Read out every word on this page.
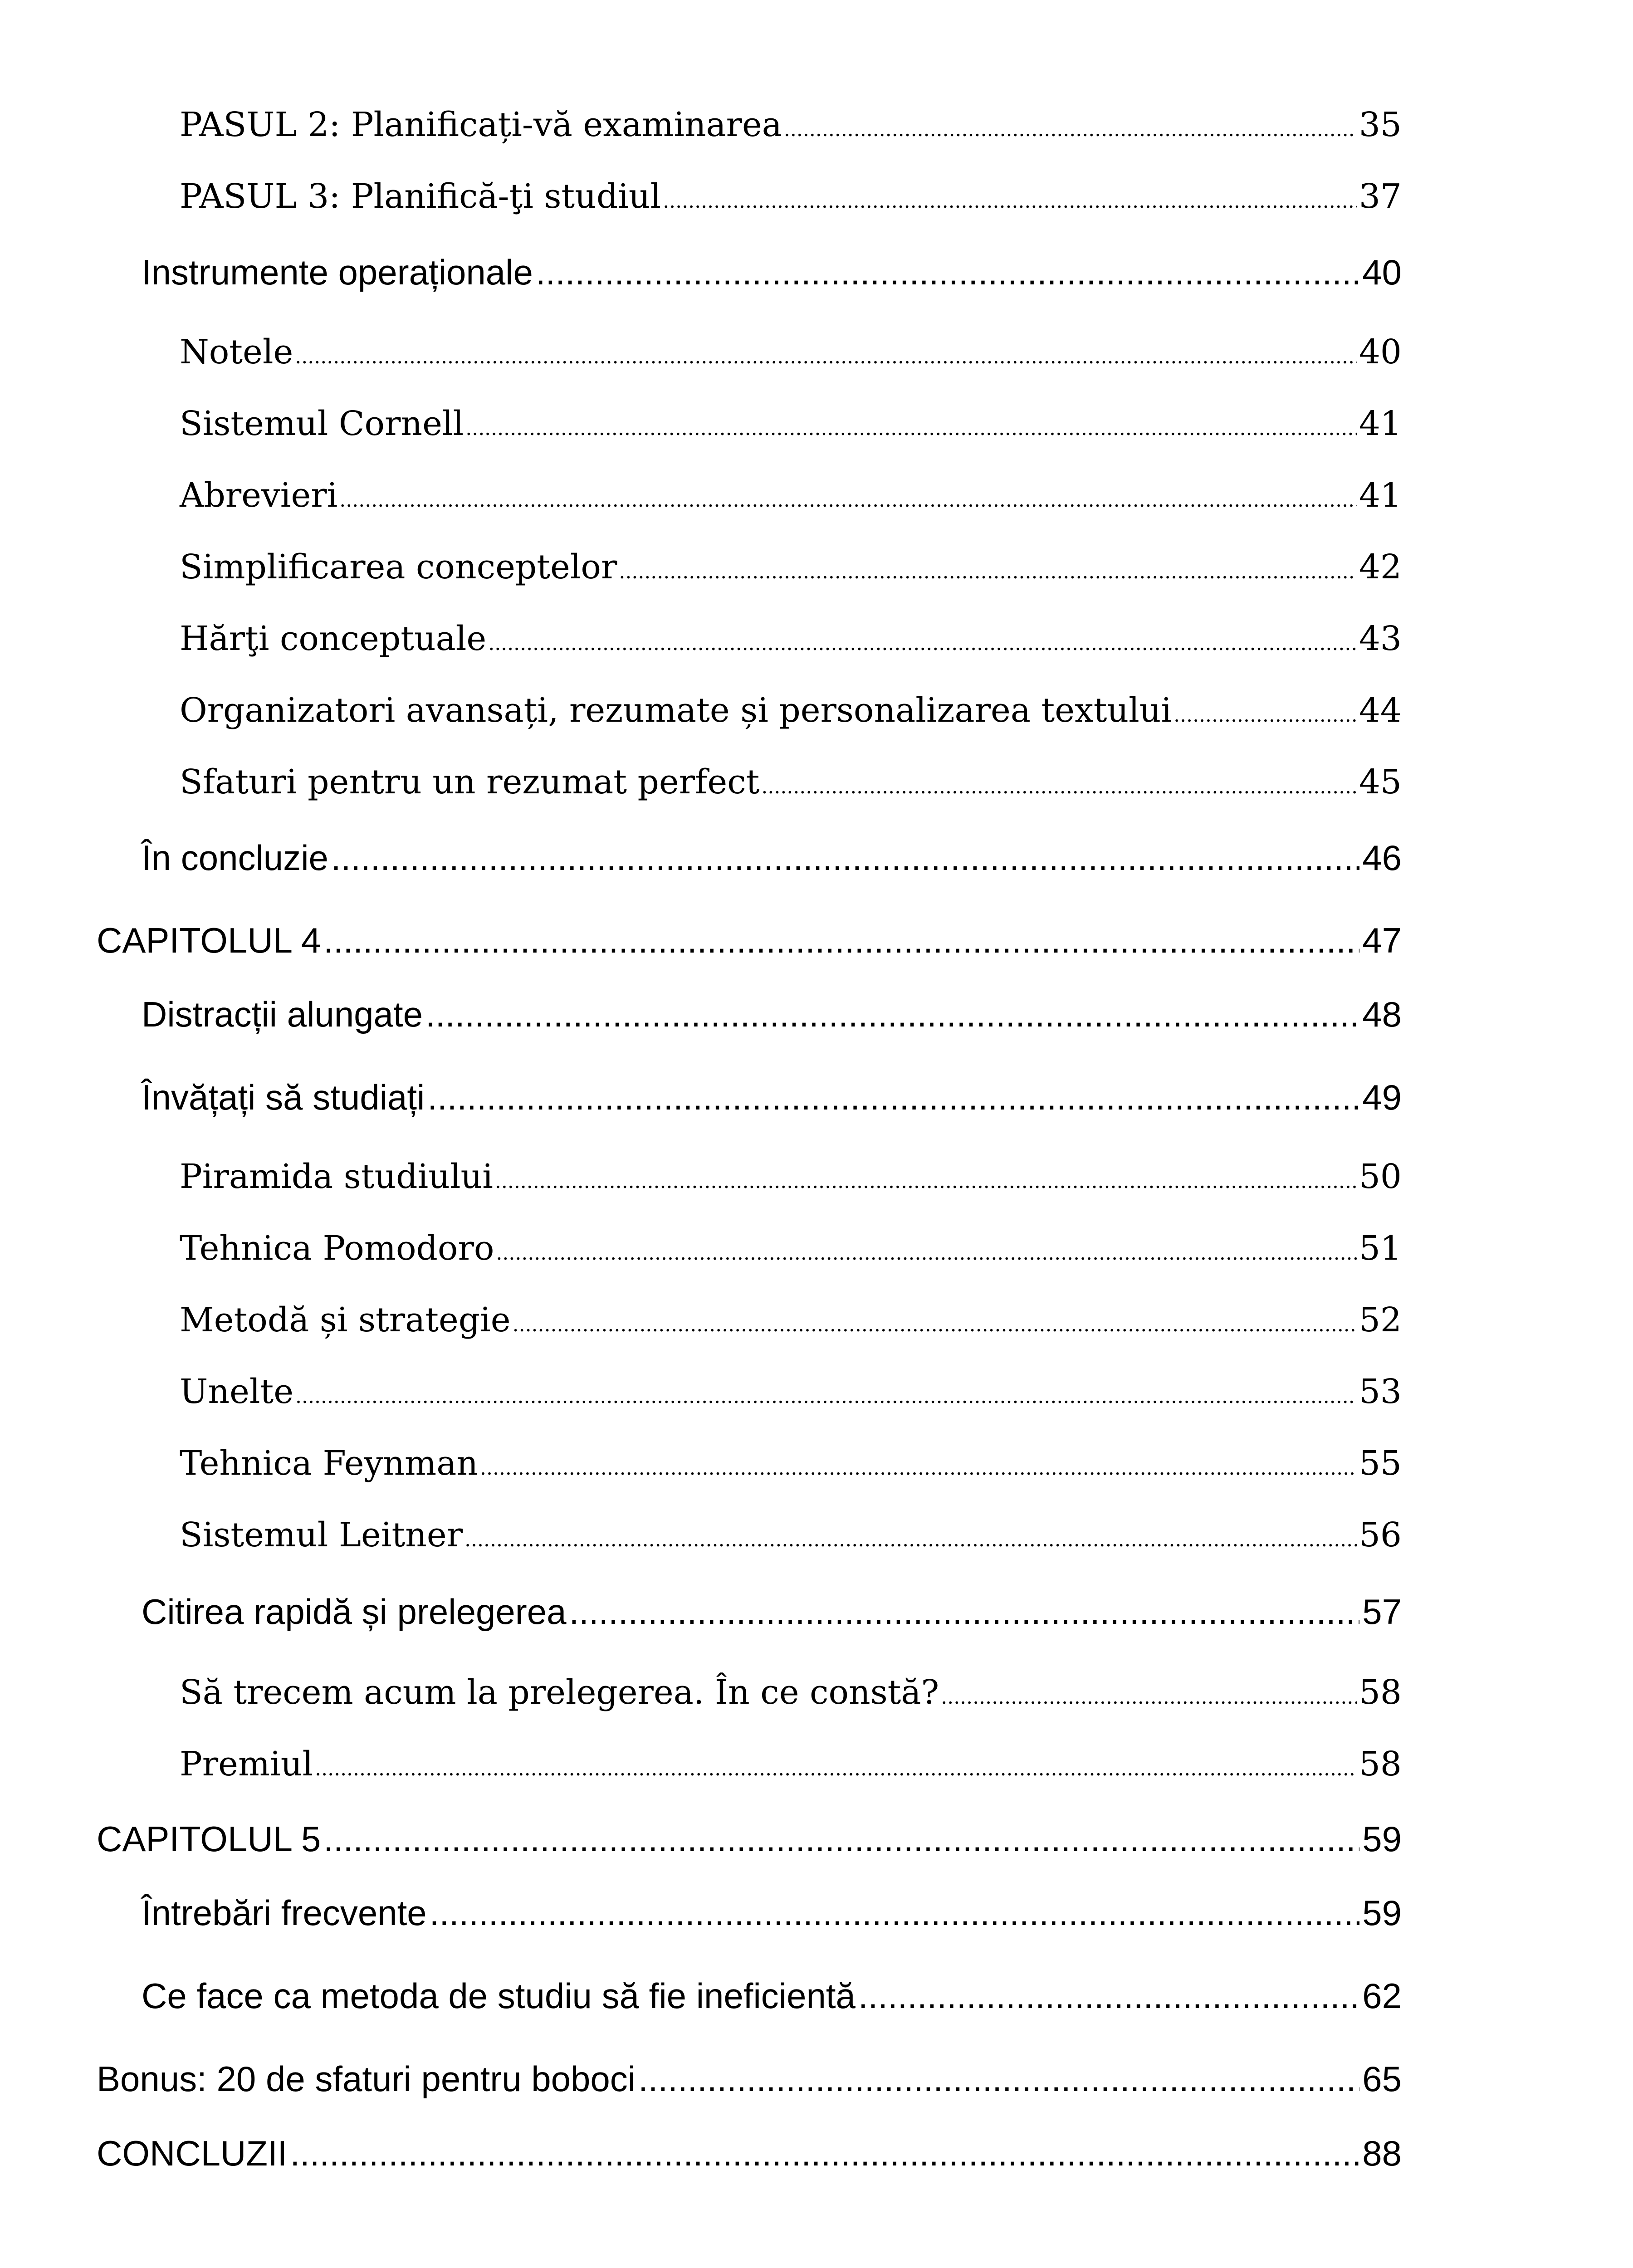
PASUL 2: Planificați-vă examinarea .....	35
PASUL 3: Planifică-ţi studiul .....	37
Instrumente operaționale .....	40
Notele .....	40
Sistemul Cornell .....	41
Abrevieri .....	41
Simplificarea conceptelor .....	42
Hărţi conceptuale .....	43
Organizatori avansați, rezumate și personalizarea textului .....	44
Sfaturi pentru un rezumat perfect .....	45
În concluzie .....	46
CAPITOLUL 4 .....	47
Distracții alungate .....	48
Învățați să studiați .....	49
Piramida studiului .....	50
Tehnica Pomodoro .....	51
Metodă și strategie .....	52
Unelte .....	53
Tehnica Feynman .....	55
Sistemul Leitner .....	56
Citirea rapidă și prelegerea .....	57
Să trecem acum la prelegerea. În ce constă? .....	58
Premiul .....	58
CAPITOLUL 5 .....	59
Întrebări frecvente .....	59
Ce face ca metoda de studiu să fie ineficientă .....	62
Bonus: 20 de sfaturi pentru boboci .....	65
CONCLUZII .....	88
